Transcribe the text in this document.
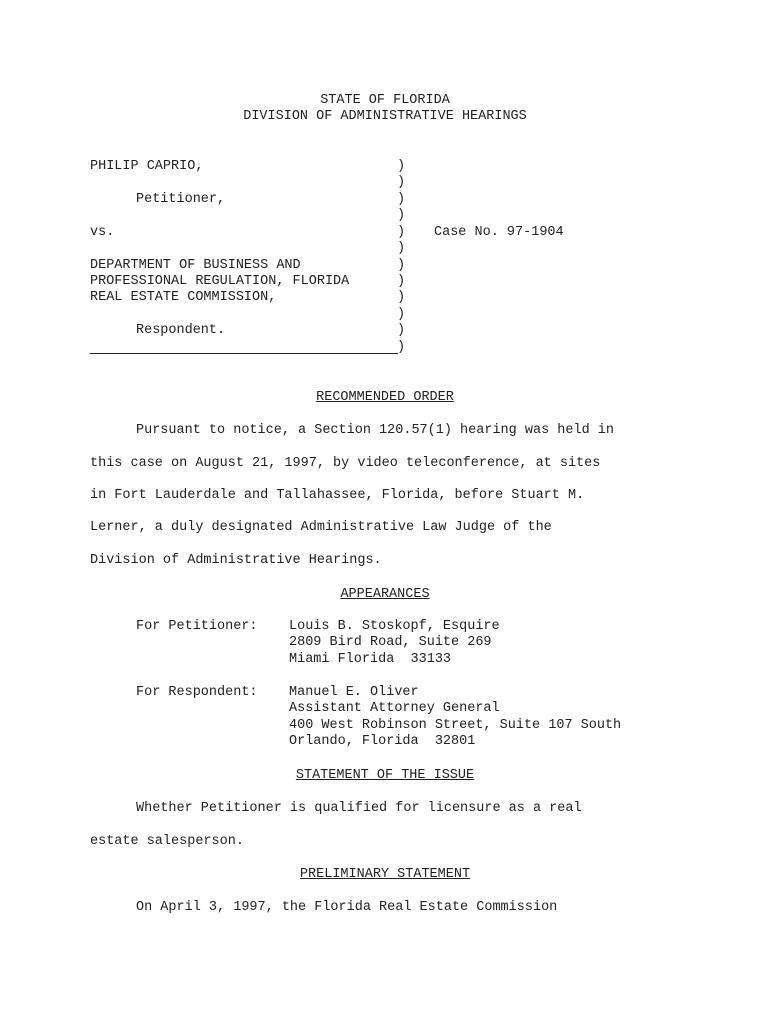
STATE OF FLORIDA
DIVISION OF ADMINISTRATIVE HEARINGS
PHILIP CAPRIO,
Petitioner,
vs.	Case No. 97-1904
DEPARTMENT OF BUSINESS AND
PROFESSIONAL REGULATION, FLORIDA
REAL ESTATE COMMISSION,
Respondent.
)
)
)
)
)
)
)
)
)
)
)
)
RECOMMENDED ORDER
Pursuant to notice, a Section 120.57(1) hearing was held in
this case on August 21, 1997, by video teleconference, at sites
in Fort Lauderdale and Tallahassee, Florida, before Stuart M.
Lerner, a duly designated Administrative Law Judge of the
Division of Administrative Hearings.
APPEARANCES
For Petitioner: Louis B. Stoskopf, Esquire
2809 Bird Road, Suite 269
Miami Florida  33133
For Respondent: Manuel E. Oliver
Assistant Attorney General
400 West Robinson Street, Suite 107 South
Orlando, Florida  32801
STATEMENT OF THE ISSUE
Whether Petitioner is qualified for licensure as a real
estate salesperson.
PRELIMINARY STATEMENT
On April 3, 1997, the Florida Real Estate Commission
